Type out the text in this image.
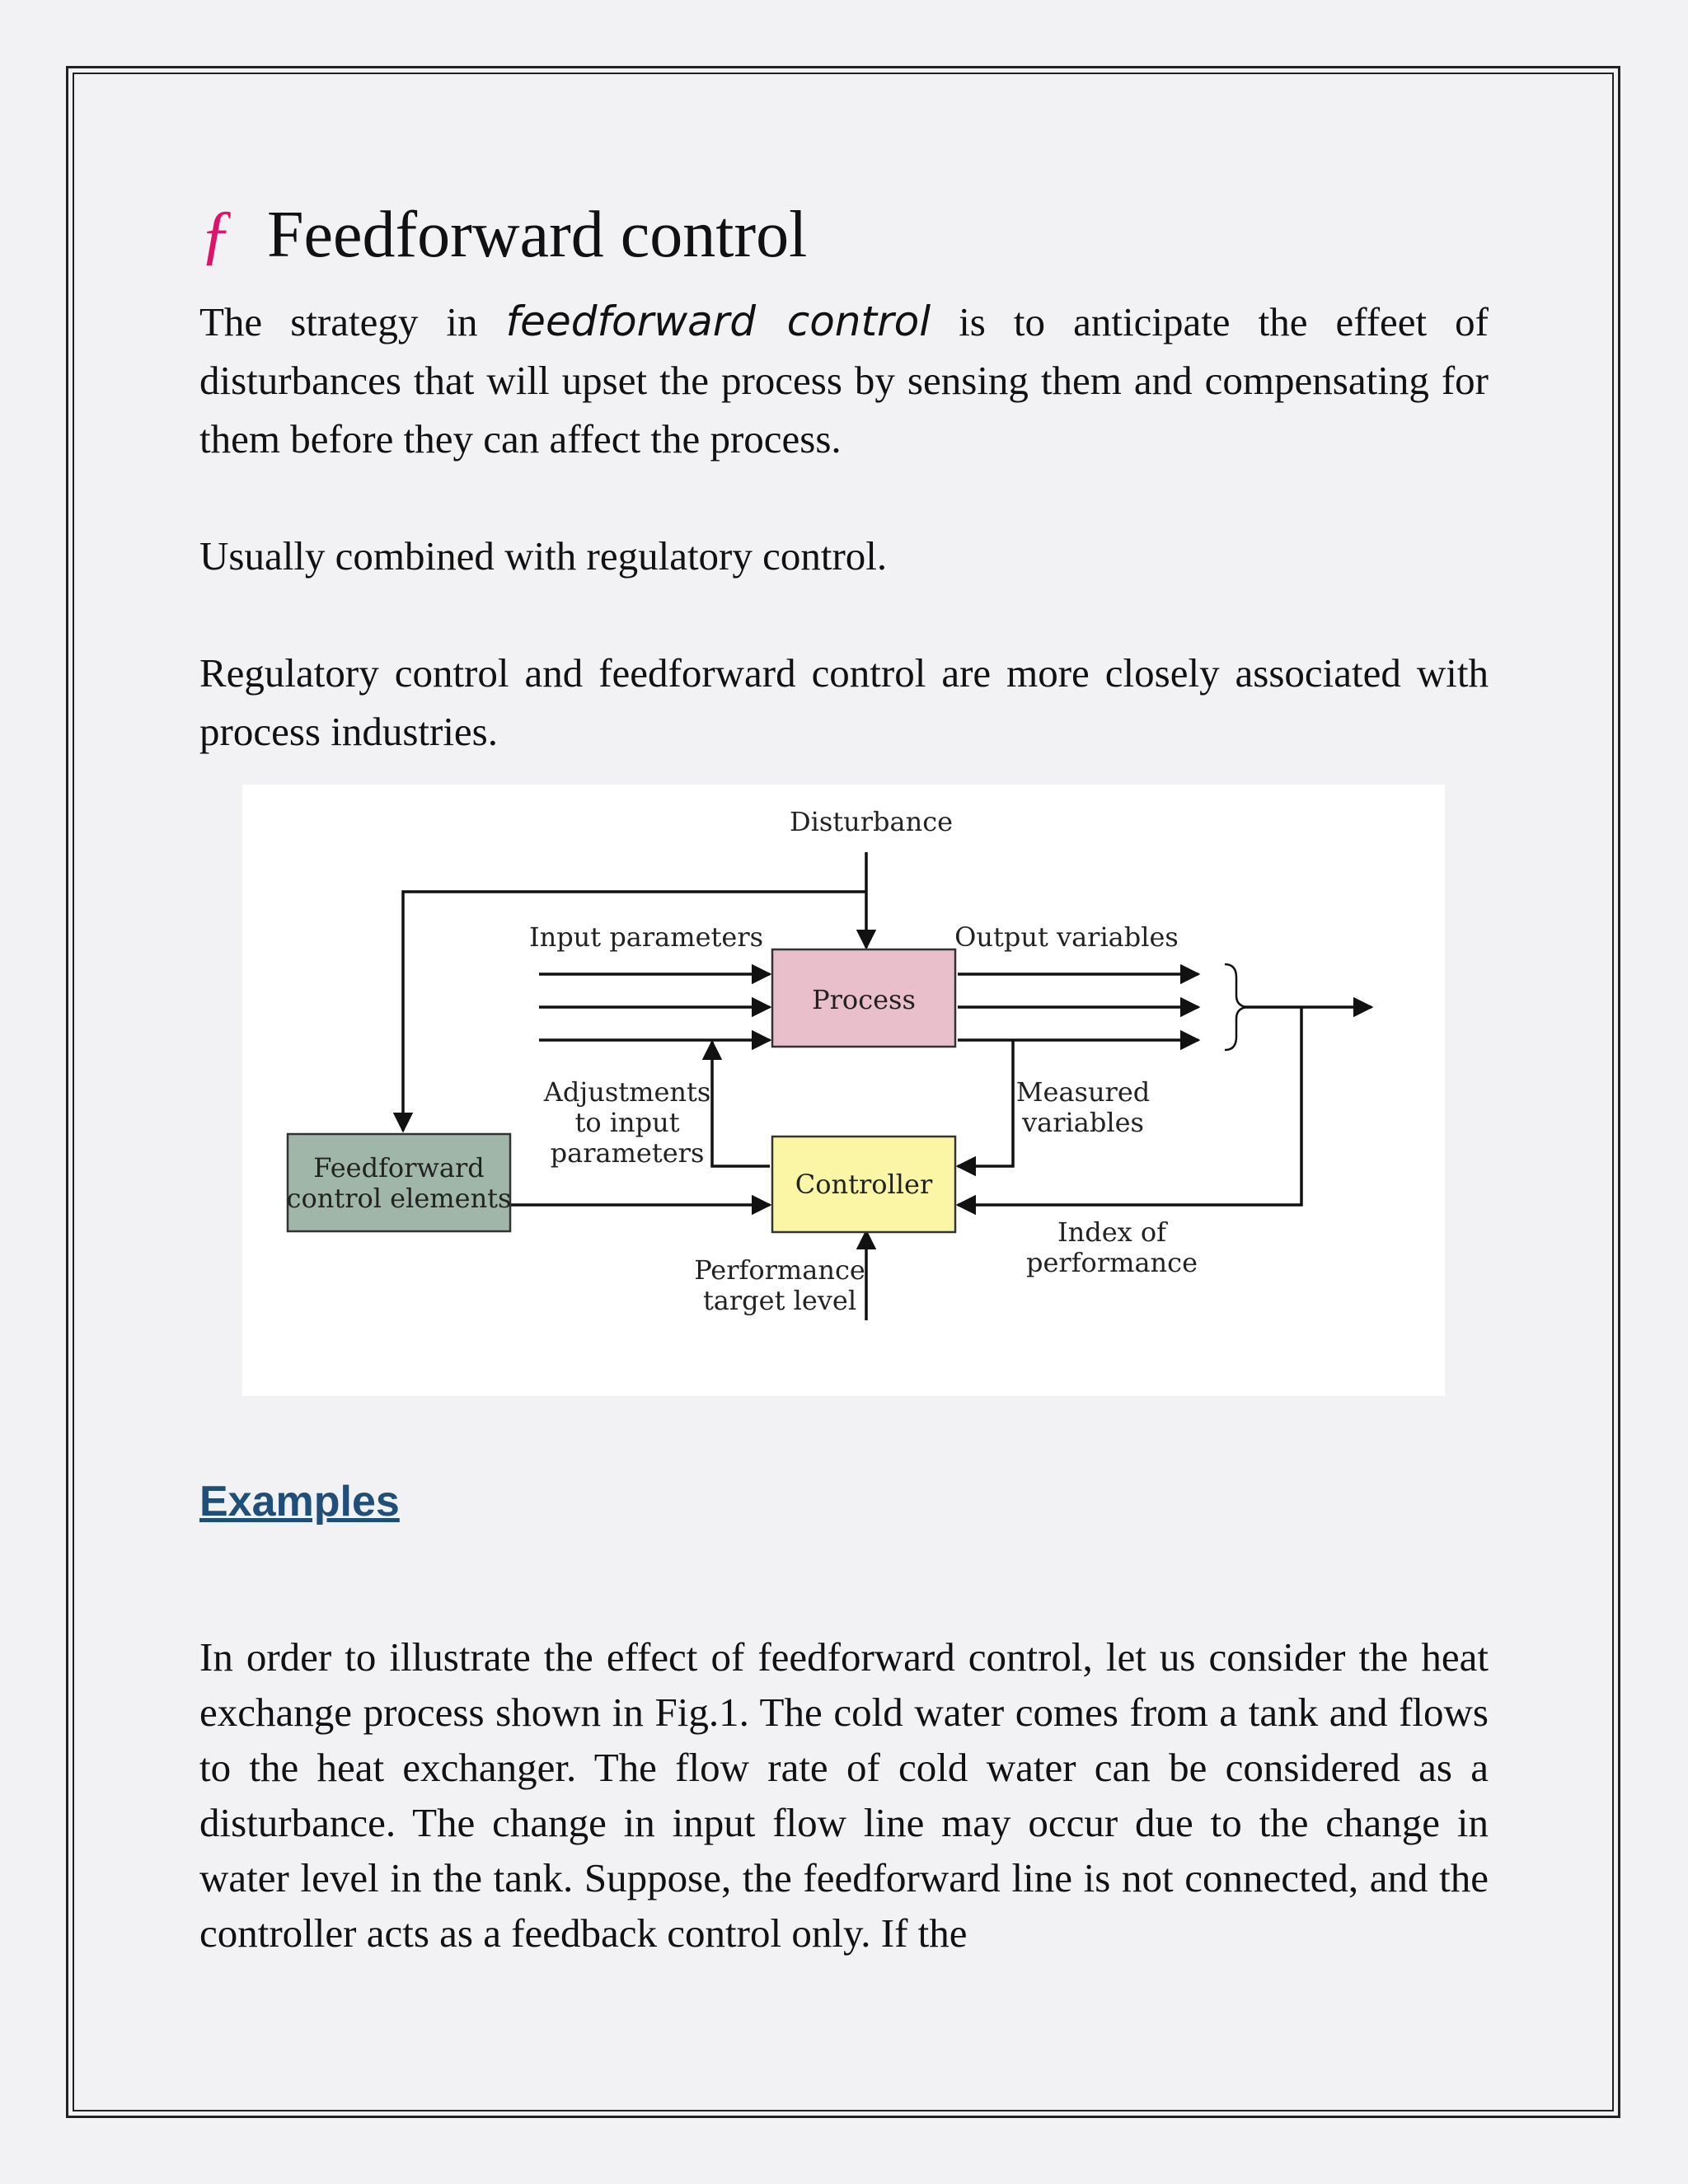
ƒ Feedforward control

The strategy in feedforward control is to anticipate the effeet of disturbances that will upset the process by sensing them and compensating for them before they can affect the process.

Usually combined with regulatory control.

Regulatory control and feedforward control are more closely associated with process industries.

Disturbance
Input parameters	Output variables
Process
Adjustments
to input
parameters
Measured
variables
Feedforward
control elements	Controller
Index of
performance
Performance
target level
Examples

In order to illustrate the effect of feedforward control, let us consider the heat exchange process shown in Fig.1. The cold water comes from a tank and flows to the heat exchanger. The flow rate of cold water can be considered as a disturbance. The change in input flow line may occur due to the change in water level in the tank. Suppose, the feedforward line is not connected, and the controller acts as a feedback control only. If the
